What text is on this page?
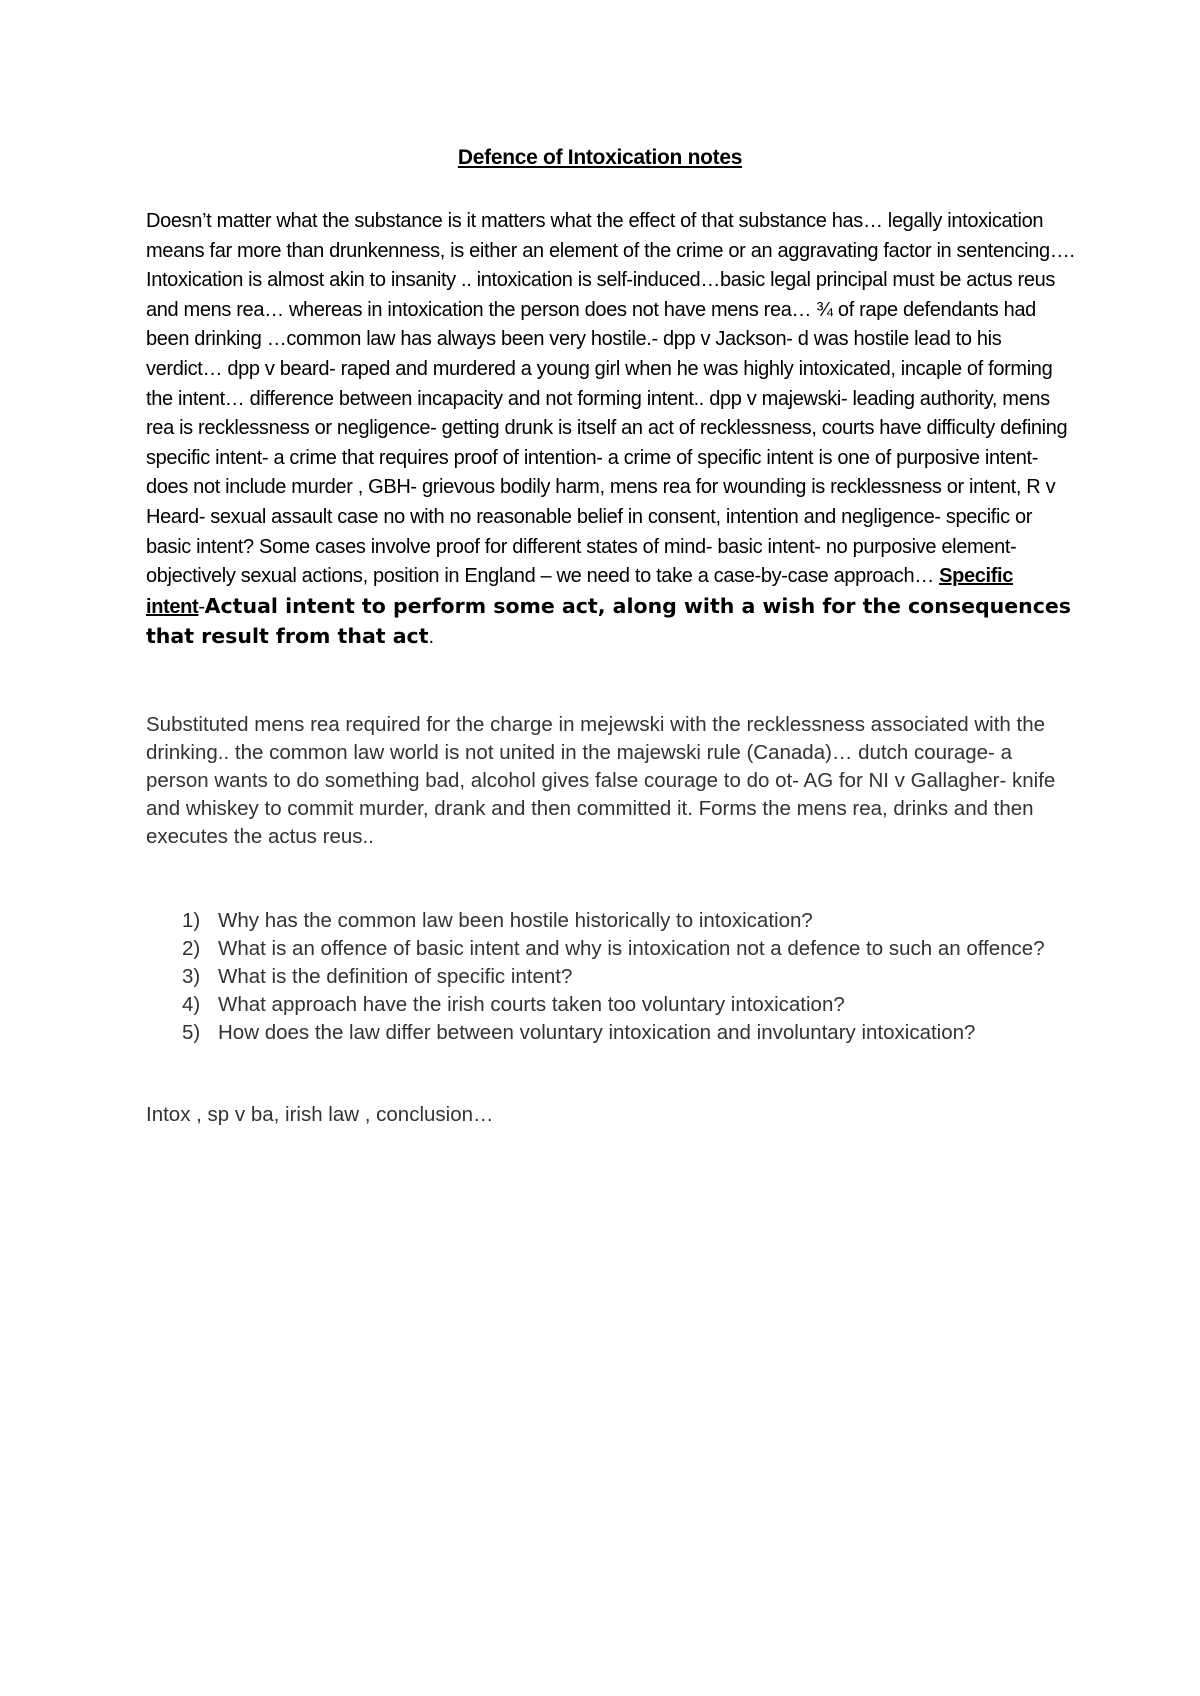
Defence of Intoxication notes

Doesn’t matter what the substance is it matters what the effect of that substance has… legally intoxication means far more than drunkenness, is either an element of the crime or an aggravating factor in sentencing…. Intoxication is almost akin to insanity .. intoxication is self-induced…basic legal principal must be actus reus and mens rea… whereas in intoxication the person does not have mens rea… ¾ of rape defendants had been drinking …common law has always been very hostile.- dpp v Jackson- d was hostile lead to his verdict… dpp v beard- raped and murdered a young girl when he was highly intoxicated, incaple of forming the intent… difference between incapacity and not forming intent.. dpp v majewski- leading authority, mens rea is recklessness or negligence- getting drunk is itself an act of recklessness, courts have difficulty defining specific intent- a crime that requires proof of intention- a crime of specific intent is one of purposive intent- does not include murder , GBH- grievous bodily harm, mens rea for wounding is recklessness or intent, R v Heard- sexual assault case no with no reasonable belief in consent, intention and negligence- specific or basic intent? Some cases involve proof for different states of mind- basic intent- no purposive element- objectively sexual actions, position in England – we need to take a case-by-case approach… Specific intent-Actual intent to perform some act, along with a wish for the consequences that result from that act.

Substituted mens rea required for the charge in mejewski with the recklessness associated with the drinking.. the common law world is not united in the majewski rule (Canada)… dutch courage- a person wants to do something bad, alcohol gives false courage to do ot- AG for NI v Gallagher- knife and whiskey to commit murder, drank and then committed it. Forms the mens rea, drinks and then executes the actus reus..

1) Why has the common law been hostile historically to intoxication?
2) What is an offence of basic intent and why is intoxication not a defence to such an offence?
3) What is the definition of specific intent?
4) What approach have the irish courts taken too voluntary intoxication?
5) How does the law differ between voluntary intoxication and involuntary intoxication?

Intox , sp v ba, irish law , conclusion…
